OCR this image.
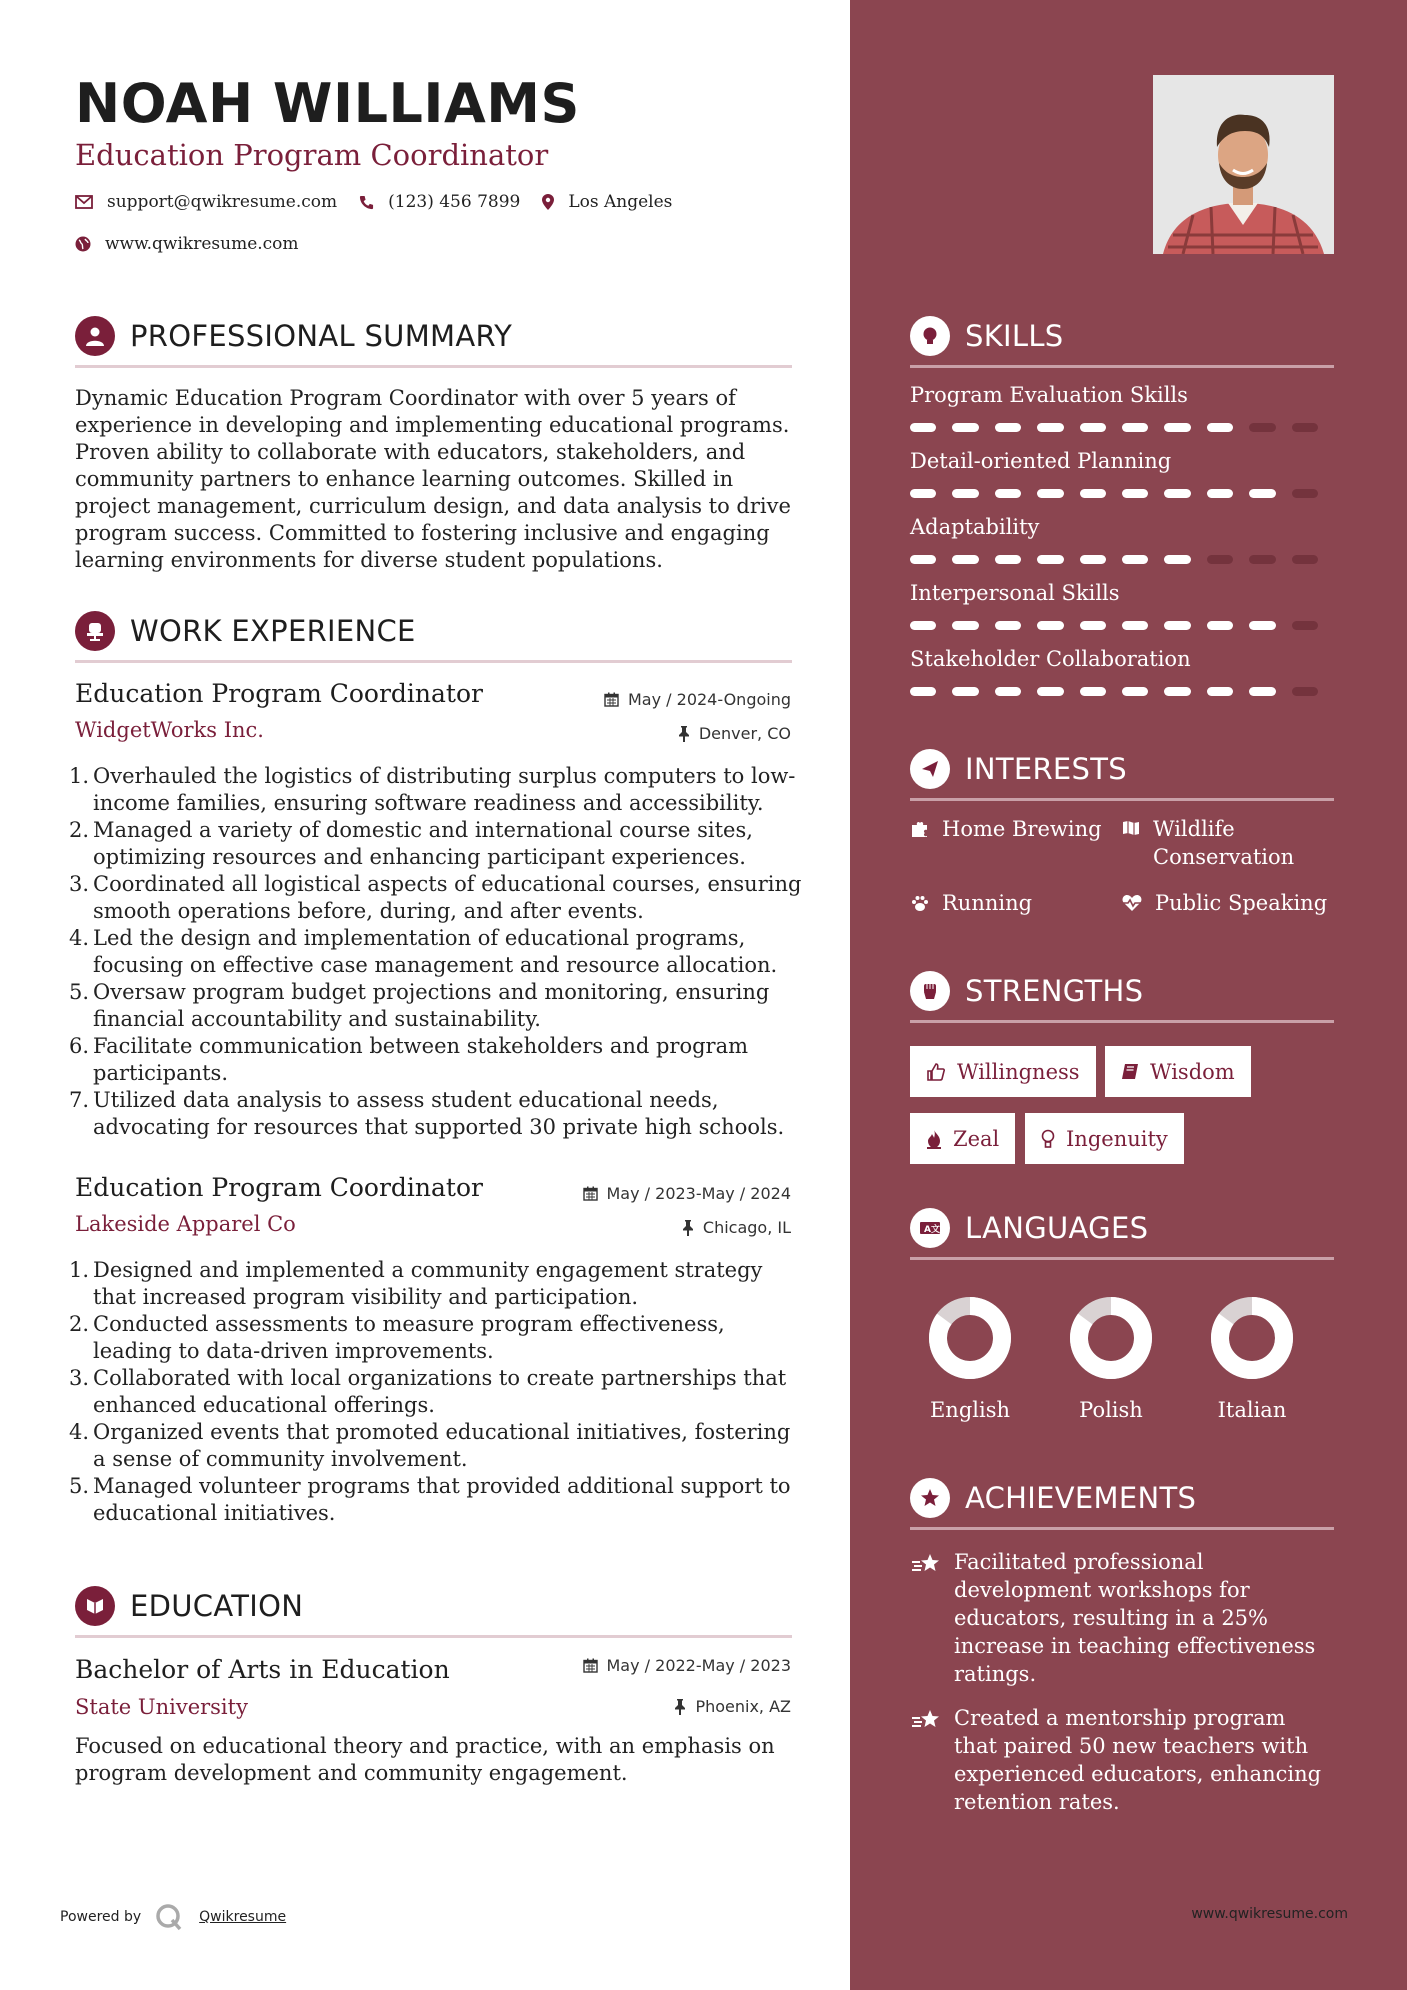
NOAH WILLIAMS
Education Program Coordinator
support@qwikresume.com	(123) 456 7899	Los Angeles
www.qwikresume.com
PROFESSIONAL SUMMARY
Dynamic Education Program Coordinator with over 5 years of experience in developing and implementing educational programs. Proven ability to collaborate with educators, stakeholders, and community partners to enhance learning outcomes. Skilled in project management, curriculum design, and data analysis to drive program success. Committed to fostering inclusive and engaging learning environments for diverse student populations.
WORK EXPERIENCE
Education Program Coordinator
WidgetWorks Inc.
May / 2024-Ongoing
Denver, CO
Overhauled the logistics of distributing surplus computers to low-income families, ensuring software readiness and accessibility.
Managed a variety of domestic and international course sites, optimizing resources and enhancing participant experiences.
Coordinated all logistical aspects of educational courses, ensuring smooth operations before, during, and after events.
Led the design and implementation of educational programs, focusing on effective case management and resource allocation.
Oversaw program budget projections and monitoring, ensuring financial accountability and sustainability.
Facilitate communication between stakeholders and program participants.
Utilized data analysis to assess student educational needs, advocating for resources that supported 30 private high schools.
Education Program Coordinator
Lakeside Apparel Co
May / 2023-May / 2024
Chicago, IL
Designed and implemented a community engagement strategy that increased program visibility and participation.
Conducted assessments to measure program effectiveness, leading to data-driven improvements.
Collaborated with local organizations to create partnerships that enhanced educational offerings.
Organized events that promoted educational initiatives, fostering a sense of community involvement.
Managed volunteer programs that provided additional support to educational initiatives.
EDUCATION
Bachelor of Arts in Education
State University
May / 2022-May / 2023
Phoenix, AZ
Focused on educational theory and practice, with an emphasis on program development and community engagement.
Powered by	Qwikresume
SKILLS
Program Evaluation Skills
Detail-oriented Planning
Adaptability
Interpersonal Skills
Stakeholder Collaboration
INTERESTS
Home Brewing Wildlife Conservation
Running	Public Speaking
STRENGTHS
Willingness	Wisdom
Zeal	Ingenuity
A 文 LANGUAGES
English	Polish	Italian
ACHIEVEMENTS
Facilitated professional development workshops for educators, resulting in a 25% increase in teaching effectiveness ratings.
Created a mentorship program that paired 50 new teachers with experienced educators, enhancing retention rates.
www.qwikresume.com
